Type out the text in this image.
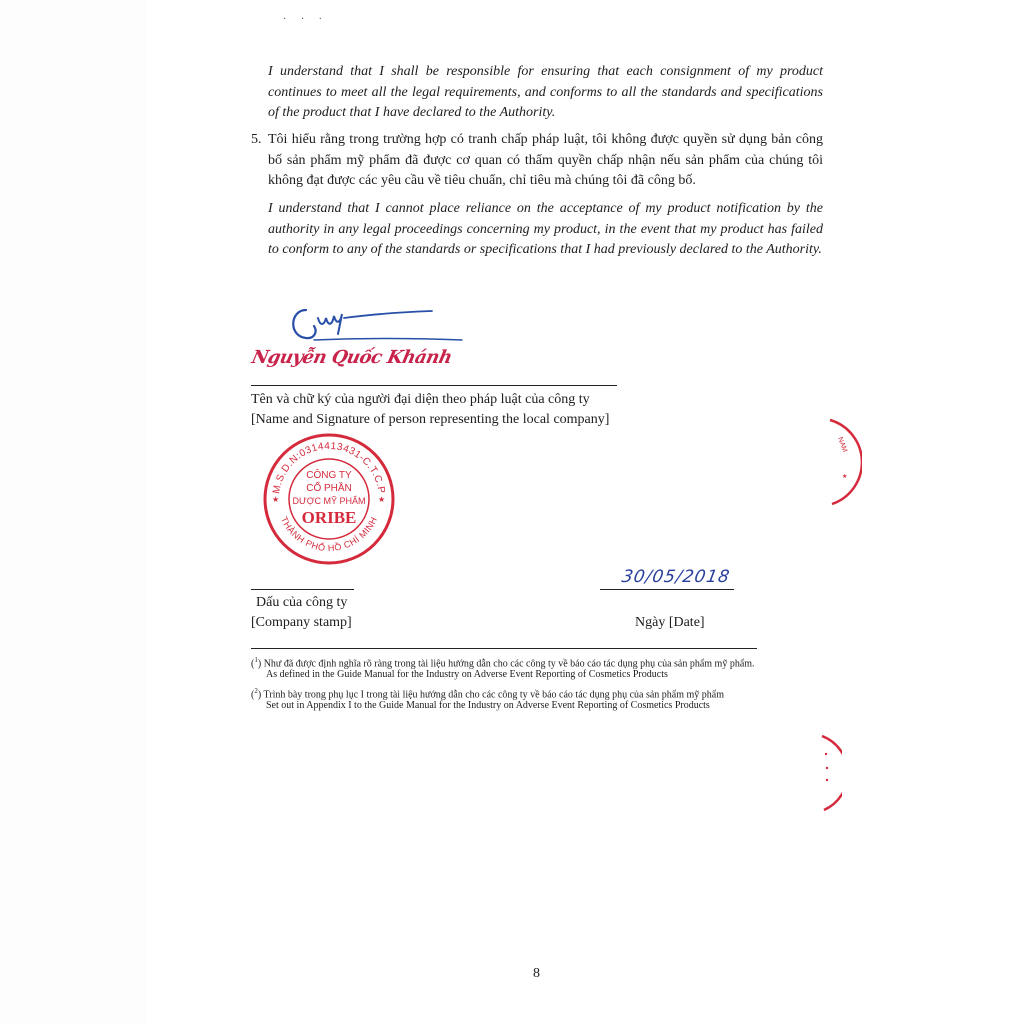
· · ·
I understand that I shall be responsible for ensuring that each consignment of my product continues to meet all the legal requirements, and conforms to all the standards and specifications of the product that I have declared to the Authority.
5. Tôi hiểu rằng trong trường hợp có tranh chấp pháp luật, tôi không được quyền sử dụng bản công bố sản phẩm mỹ phẩm đã được cơ quan có thẩm quyền chấp nhận nếu sản phẩm của chúng tôi không đạt được các yêu cầu về tiêu chuẩn, chỉ tiêu mà chúng tôi đã công bố.
I understand that I cannot place reliance on the acceptance of my product notification by the authority in any legal proceedings concerning my product, in the event that my product has failed to conform to any of the standards or specifications that I had previously declared to the Authority.
Nguyễn Quốc Khánh
Tên và chữ ký của người đại diện theo pháp luật của công ty
[Name and Signature of person representing the local company]
M.S.D.N:0314413431-C.T.C.P
THÀNH PHỐ HỒ CHÍ MINH
CÔNG TY
CỔ PHẦN
DƯỢC MỸ PHẨM
ORIBE
★	★
NAM
★
30/05/2018
Dấu của công ty
[Company stamp]	Ngày [Date]
($^1$) Như đã được định nghĩa rõ ràng trong tài liệu hướng dẫn cho các công ty về báo cáo tác dụng phụ của sản phẩm mỹ phẩm.
As defined in the Guide Manual for the Industry on Adverse Event Reporting of Cosmetics Products
($^2$) Trình bày trong phụ lục I trong tài liệu hướng dẫn cho các công ty về báo cáo tác dụng phụ của sản phẩm mỹ phẩm
Set out in Appendix I to the Guide Manual for the Industry on Adverse Event Reporting of Cosmetics Products
8
